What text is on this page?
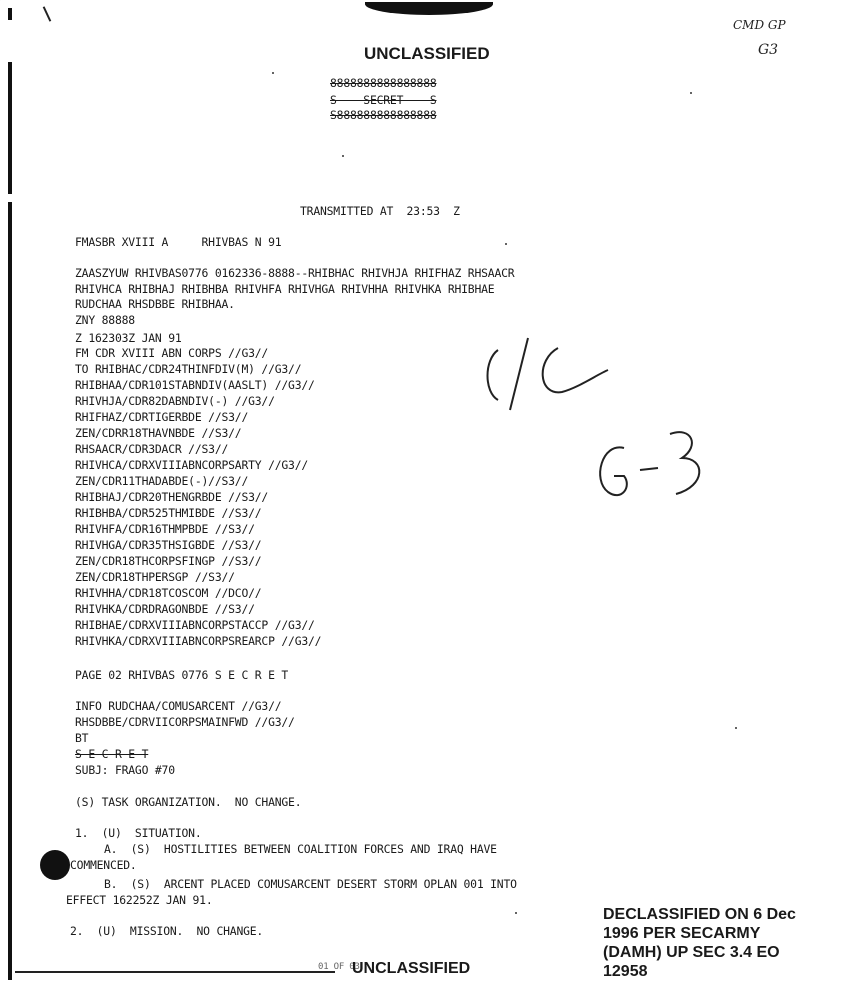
UNCLASSIFIED
8888888888888888
S    SECRET    S
S888888888888888
CMD GP
G3
TRANSMITTED AT  23:53  Z
FMASBR XVIII A     RHIVBAS N 91
ZAASZYUW RHIVBAS0776 0162336-8888--RHIBHAC RHIVHJA RHIFHAZ RHSAACR
RHIVHCA RHIBHAJ RHIBHBA RHIVHFA RHIVHGA RHIVHHA RHIVHKA RHIBHAE
RUDCHAA RHSDBBE RHIBHAA.
ZNY 88888
Z 162303Z JAN 91
FM CDR XVIII ABN CORPS //G3//
TO RHIBHAC/CDR24THINFDIV(M) //G3//
RHIBHAA/CDR101STABNDIV(AASLT) //G3//
RHIVHJA/CDR82DABNDIV(-) //G3//
RHIFHAZ/CDRTIGERBDE //S3//
ZEN/CDRR18THAVNBDE //S3//
RHSAACR/CDR3DACR //S3//
RHIVHCA/CDRXVIIIABNCORPSARTY //G3//
ZEN/CDR11THADABDE(-)//S3//
RHIBHAJ/CDR20THENGRBDE //S3//
RHIBHBA/CDR525THMIBDE //S3//
RHIVHFA/CDR16THMPBDE //S3//
RHIVHGA/CDR35THSIGBDE //S3//
ZEN/CDR18THCORPSFINGP //S3//
ZEN/CDR18THPERSGP //S3//
RHIVHHA/CDR18TCOSCOM //DCO//
RHIVHKA/CDRDRAGONBDE //S3//
RHIBHAE/CDRXVIIIABNCORPSTACCP //G3//
RHIVHKA/CDRXVIIIABNCORPSREARCP //G3//
C
G
PAGE 02 RHIVBAS 0776 S E C R E T
INFO RUDCHAA/COMUSARCENT //G3//
RHSDBBE/CDRVIICORPSMAINFWD //G3//
BT
S E C R E T
SUBJ: FRAGO #70
(S) TASK ORGANIZATION.  NO CHANGE.
1.  (U)  SITUATION.
A.  (S)  HOSTILITIES BETWEEN COALITION FORCES AND IRAQ HAVE
COMMENCED.
B.  (S)  ARCENT PLACED COMUSARCENT DESERT STORM OPLAN 001 INTO
EFFECT 162252Z JAN 91.
2.  (U)  MISSION.  NO CHANGE.
DECLASSIFIED ON 6 Dec
1996 PER SECARMY
(DAMH) UP SEC 3.4 EO
12958
01 OF 03
UNCLASSIFIED
